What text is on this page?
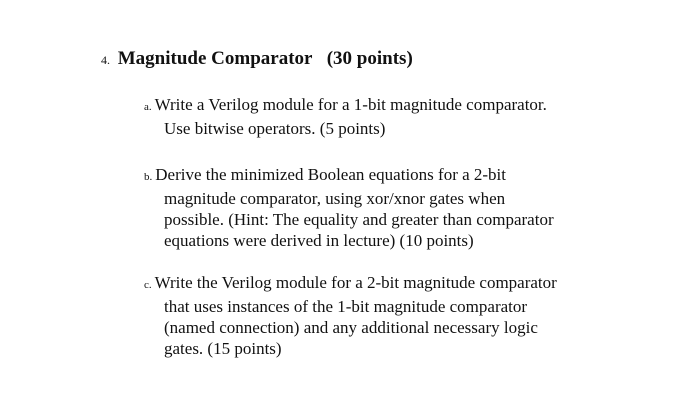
4. Magnitude Comparator (30 points)
a. Write a Verilog module for a 1-bit magnitude comparator.
Use bitwise operators. (5 points)
b. Derive the minimized Boolean equations for a 2-bit
magnitude comparator, using xor/xnor gates when
possible. (Hint: The equality and greater than comparator
equations were derived in lecture) (10 points)
c. Write the Verilog module for a 2-bit magnitude comparator
that uses instances of the 1-bit magnitude comparator
(named connection) and any additional necessary logic
gates. (15 points)
